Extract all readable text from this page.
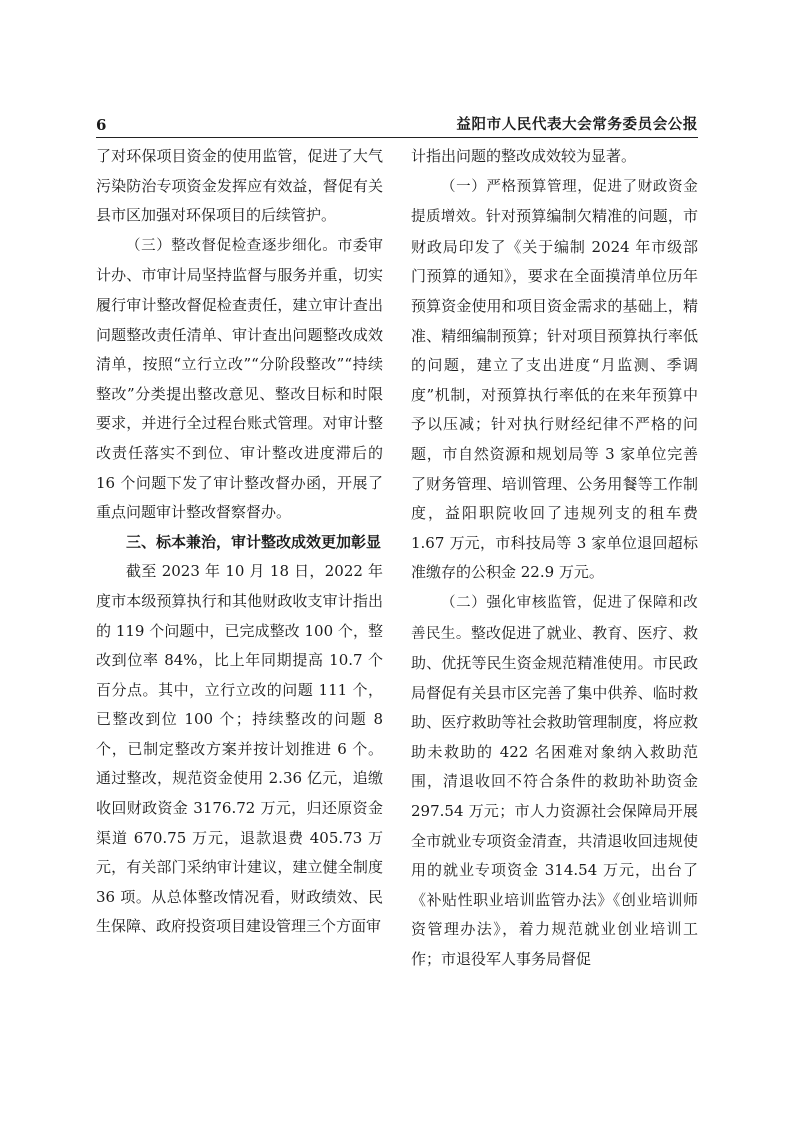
6	益阳市人民代表大会常务委员会公报

了对环保项目资金的使用监管，促进了大气污染防治专项资金发挥应有效益，督促有关县市区加强对环保项目的后续管护。

（三）整改督促检查逐步细化。市委审计办、市审计局坚持监督与服务并重，切实履行审计整改督促检查责任，建立审计查出问题整改责任清单、审计查出问题整改成效清单，按照“立行立改”“分阶段整改”“持续整改”分类提出整改意见、整改目标和时限要求，并进行全过程台账式管理。对审计整改责任落实不到位、审计整改进度滞后的 16 个问题下发了审计整改督办函，开展了重点问题审计整改督察督办。

三、标本兼治，审计整改成效更加彰显

截至 2023 年 10 月 18 日，2022 年度市本级预算执行和其他财政收支审计指出的 119 个问题中，已完成整改 100 个，整改到位率 84%，比上年同期提高 10.7 个百分点。其中，立行立改的问题 111 个，已整改到位 100 个；持续整改的问题 8 个，已制定整改方案并按计划推进 6 个。通过整改，规范资金使用 2.36 亿元，追缴收回财政资金 3176.72 万元，归还原资金渠道 670.75 万元，退款退费 405.73 万元，有关部门采纳审计建议，建立健全制度 36 项。从总体整改情况看，财政绩效、民生保障、政府投资项目建设管理三个方面审

计指出问题的整改成效较为显著。

（一）严格预算管理，促进了财政资金提质增效。针对预算编制欠精准的问题，市财政局印发了《关于编制 2024 年市级部门预算的通知》，要求在全面摸清单位历年预算资金使用和项目资金需求的基础上，精准、精细编制预算；针对项目预算执行率低的问题，建立了支出进度“月监测、季调度”机制，对预算执行率低的在来年预算中予以压减；针对执行财经纪律不严格的问题，市自然资源和规划局等 3 家单位完善了财务管理、培训管理、公务用餐等工作制度，益阳职院收回了违规列支的租车费 1.67 万元，市科技局等 3 家单位退回超标准缴存的公积金 22.9 万元。

（二）强化审核监管，促进了保障和改善民生。整改促进了就业、教育、医疗、救助、优抚等民生资金规范精准使用。市民政局督促有关县市区完善了集中供养、临时救助、医疗救助等社会救助管理制度，将应救助未救助的 422 名困难对象纳入救助范围，清退收回不符合条件的救助补助资金 297.54 万元；市人力资源社会保障局开展全市就业专项资金清查，共清退收回违规使用的就业专项资金 314.54 万元，出台了《补贴性职业培训监管办法》《创业培训师资管理办法》，着力规范就业创业培训工作；市退役军人事务局督促
